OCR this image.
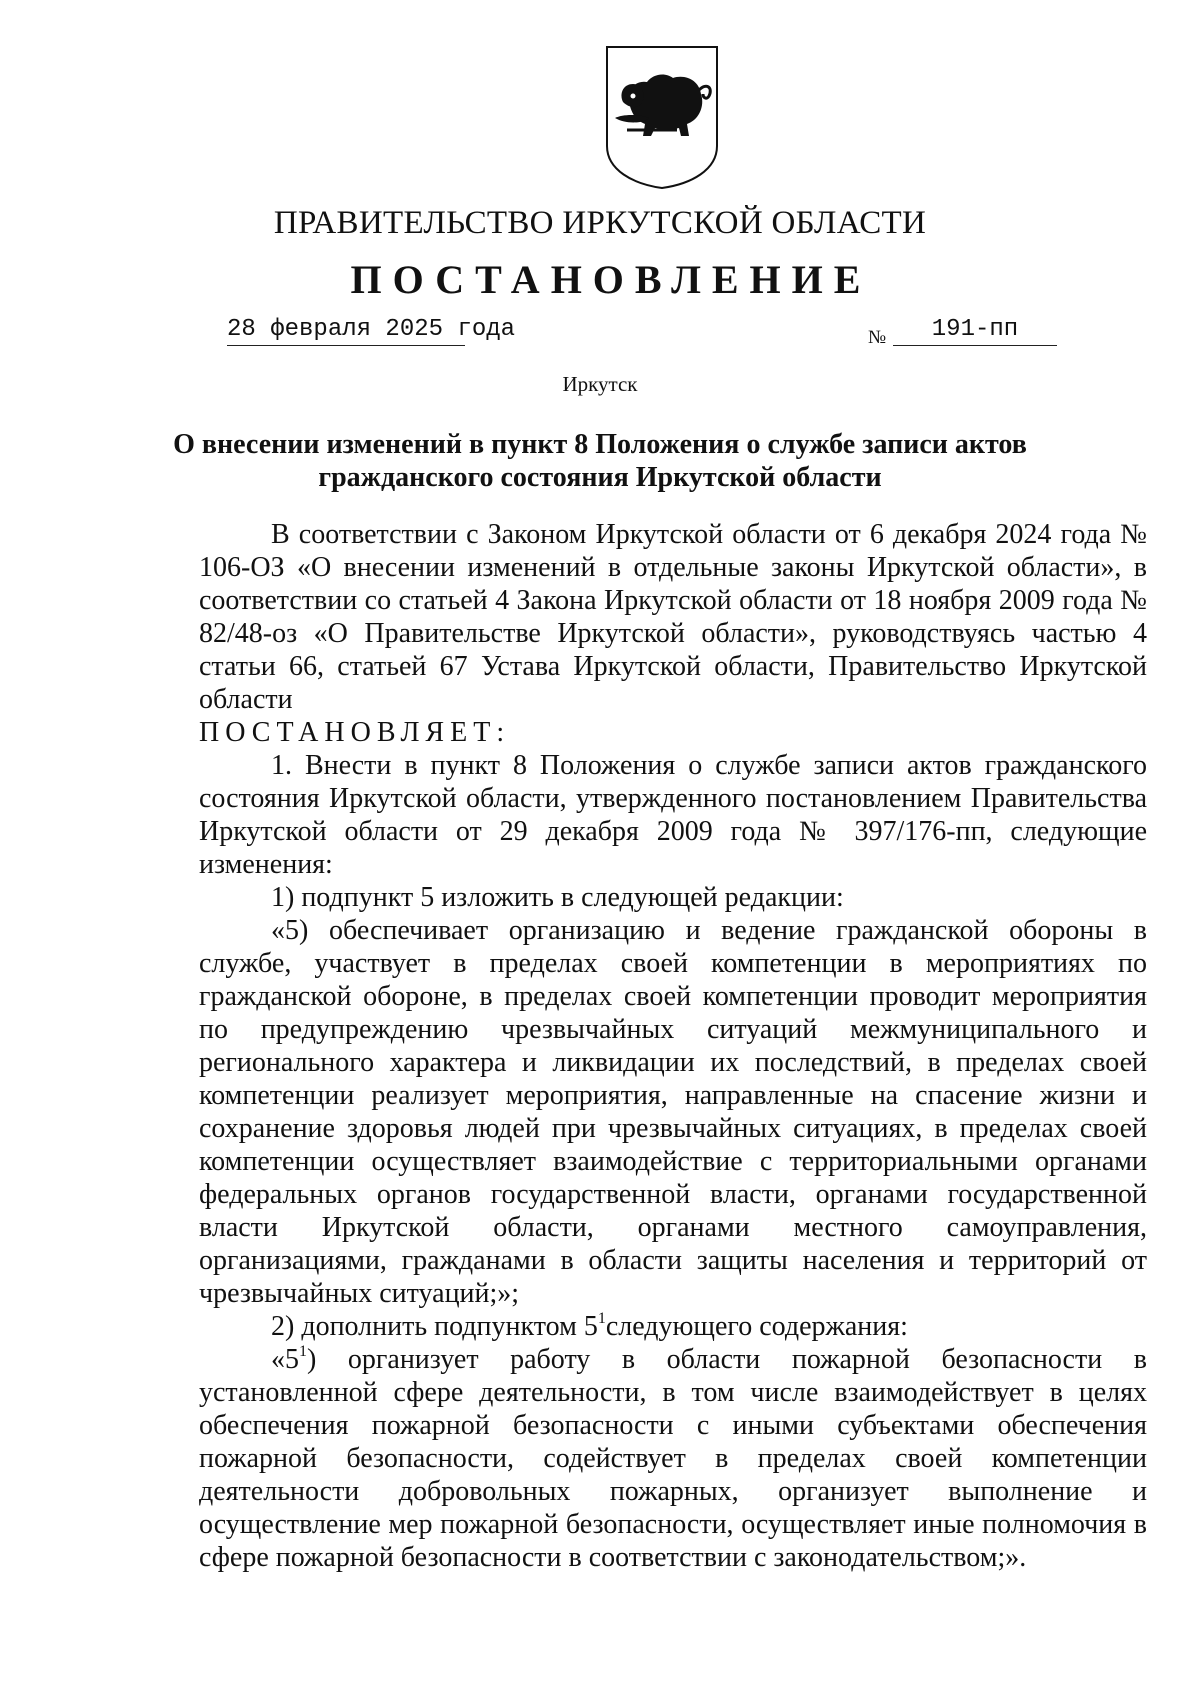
ПРАВИТЕЛЬСТВО ИРКУТСКОЙ ОБЛАСТИ
ПОСТАНОВЛЕНИЕ
28 февраля 2025 года	№	191-пп
Иркутск
О внесении изменений в пункт 8 Положения о службе записи актов гражданского состояния Иркутской области

В соответствии с Законом Иркутской области от 6 декабря 2024 года № 106-ОЗ «О внесении изменений в отдельные законы Иркутской области», в соответствии со статьей 4 Закона Иркутской области от 18 ноября 2009 года № 82/48-оз «О Правительстве Иркутской области», руководствуясь частью 4 статьи 66, статьей 67 Устава Иркутской области, Правительство Иркутской области

ПОСТАНОВЛЯЕТ:

1. Внести в пункт 8 Положения о службе записи актов гражданского состояния Иркутской области, утвержденного постановлением Правительства Иркутской области от 29 декабря 2009 года № 397/176-пп, следующие изменения:

1) подпункт 5 изложить в следующей редакции:

«5) обеспечивает организацию и ведение гражданской обороны в службе, участвует в пределах своей компетенции в мероприятиях по гражданской обороне, в пределах своей компетенции проводит мероприятия по предупреждению чрезвычайных ситуаций межмуниципального и регионального характера и ликвидации их последствий, в пределах своей компетенции реализует мероприятия, направленные на спасение жизни и сохранение здоровья людей при чрезвычайных ситуациях, в пределах своей компетенции осуществляет взаимодействие с территориальными органами федеральных органов государственной власти, органами государственной власти Иркутской области, органами местного самоуправления, организациями, гражданами в области защиты населения и территорий от чрезвычайных ситуаций;»;

2) дополнить подпунктом $5^1следующего$ содержания:

«$5^1$) организует работу в области пожарной безопасности в установленной сфере деятельности, в том числе взаимодействует в целях обеспечения пожарной безопасности с иными субъектами обеспечения пожарной безопасности, содействует в пределах своей компетенции деятельности добровольных пожарных, организует выполнение и осуществление мер пожарной безопасности, осуществляет иные полномочия в сфере пожарной безопасности в соответствии с законодательством;».
